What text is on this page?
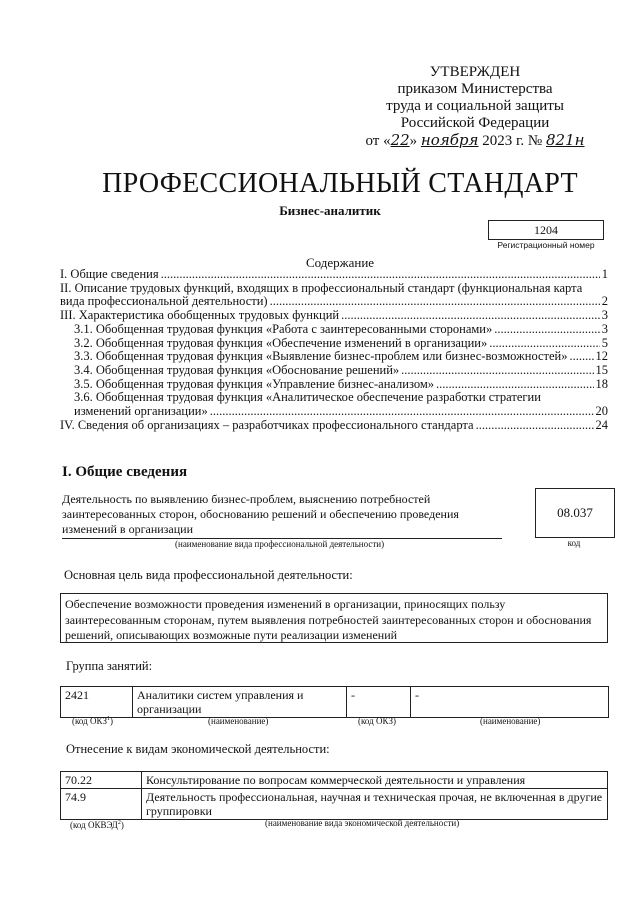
УТВЕРЖДЕН
приказом Министерства
труда и социальной защиты
Российской Федерации
от «22» ноября 2023 г. № 821н
ПРОФЕССИОНАЛЬНЫЙ СТАНДАРТ
Бизнес-аналитик
1204
Регистрационный номер
Содержание
I. Общие сведения .....	1
II. Описание трудовых функций, входящих в профессиональный стандарт (функциональная карта
вида профессиональной деятельности) .....	2
III. Характеристика обобщенных трудовых функций .....	3
3.1. Обобщенная трудовая функция «Работа с заинтересованными сторонами» .....	3
3.2. Обобщенная трудовая функция «Обеспечение изменений в организации» .....	5
3.3. Обобщенная трудовая функция «Выявление бизнес-проблем или бизнес-возможностей» ..... 12
3.4. Обобщенная трудовая функция «Обоснование решений» .....	15
3.5. Обобщенная трудовая функция «Управление бизнес-анализом» .....	18
3.6. Обобщенная трудовая функция «Аналитическое обеспечение разработки стратегии
изменений организации» .....	20
IV. Сведения об организациях – разработчиках профессионального стандарта .....	24
I. Общие сведения
Деятельность по выявлению бизнес-проблем, выяснению потребностей заинтересованных сторон, обоснованию решений и обеспечению проведения изменений в организации
(наименование вида профессиональной деятельности)
08.037
код
Основная цель вида профессиональной деятельности:
Обеспечение возможности проведения изменений в организации, приносящих пользу заинтересованным сторонам, путем выявления потребностей заинтересованных сторон и обоснования решений, описывающих возможные пути реализации изменений
Группа занятий:
2421	Аналитики систем управления и организации	-	-
(код ОКЗ$^1$)	(наименование)	(код ОКЗ)	(наименование)
Отнесение к видам экономической деятельности:
70.22	Консультирование по вопросам коммерческой деятельности и управления
74.9	Деятельность профессиональная, научная и техническая прочая, не включенная в другие группировки
(код ОКВЭД$^2$)	(наименование вида экономической деятельности)
